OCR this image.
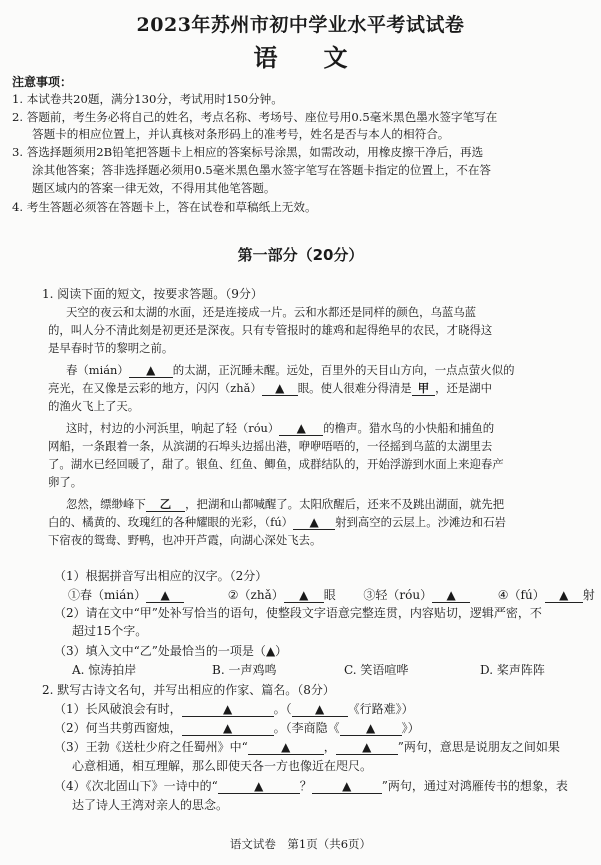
2023年苏州市初中学业水平考试试卷
语文
注意事项：
1. 本试卷共20题，满分130分，考试用时150分钟。
2. 答题前，考生务必将自己的姓名，考点名称、考场号、座位号用0.5毫米黑色墨水签字笔写在
答题卡的相应位置上，并认真核对条形码上的准考号，姓名是否与本人的相符合。
3. 答选择题须用2B铅笔把答题卡上相应的答案标号涂黑，如需改动，用橡皮擦干净后，再选
涂其他答案；答非选择题必须用0.5毫米黑色墨水签字笔写在答题卡指定的位置上，不在答
题区域内的答案一律无效，不得用其他笔答题。
4. 考生答题必须答在答题卡上，答在试卷和草稿纸上无效。
第一部分（20分）
1. 阅读下面的短文，按要求答题。（9分）
天空的夜云和太湖的水面，还是连接成一片。云和水都还是同样的颜色，乌蓝乌蓝
的，叫人分不清此刻是初更还是深夜。只有专管报时的雄鸡和起得绝早的农民，才晓得这
是早春时节的黎明之前。
春（mián） ▲ 的太湖，正沉睡未醒。远处，百里外的天目山方向，一点点萤火似的
亮光，在又像是云彩的地方，闪闪（zhǎ） ▲ 眼。使人很难分得清是 甲 ，还是湖中
的渔火飞上了天。
这时，村边的小河浜里，响起了轻（róu） ▲ 的橹声。猎水鸟的小快船和捕鱼的
网船，一条跟着一条，从滨湖的石埠头边摇出港，咿咿唔唔的，一径摇到乌蓝的太湖里去
了。湖水已经回暖了，甜了。银鱼、红鱼、鲫鱼，成群结队的，开始浮游到水面上来迎春产
卵了。
忽然，缥缈峰下 乙 ，把湖和山都喊醒了。太阳欣醒后，还来不及跳出湖面，就先把
白的、橘黄的、玫瑰红的各种耀眼的光彩，（fú） ▲ 射到高空的云层上。沙滩边和石岩
下宿夜的鸳鸯、野鸭，也冲开芦霞，向湖心深处飞去。
（1）根据拼音写出相应的汉字。（2分）
①春（mián） ▲	②（zhǎ） ▲ 眼 ③轻（róu） ▲	④（fú） ▲ 射
（2）请在文中“甲”处补写恰当的语句，使整段文字语意完整连贯，内容贴切，逻辑严密，不
超过15个字。
（3）填入文中“乙”处最恰当的一项是（▲）
A. 惊涛拍岸	B. 一声鸡鸣	C. 笑语喧哗	D. 桨声阵阵
2. 默写古诗文名句，并写出相应的作家、篇名。（8分）
（1）长风破浪会有时，	▲	。（ ▲ 《行路难》）
（2）何当共剪西窗烛，	▲	。（李商隐《 ▲ 》）
（3）王勃《送杜少府之任蜀州》中“	▲	， ▲ ”两句，意思是说朋友之间如果
心意相通，相互理解，那么即使天各一方也像近在咫尺。
（4）《次北固山下》一诗中的“	▲	？	▲	”两句，通过对鸿雁传书的想象，表
达了诗人王湾对亲人的思念。
语文试卷　第1页（共6页）
